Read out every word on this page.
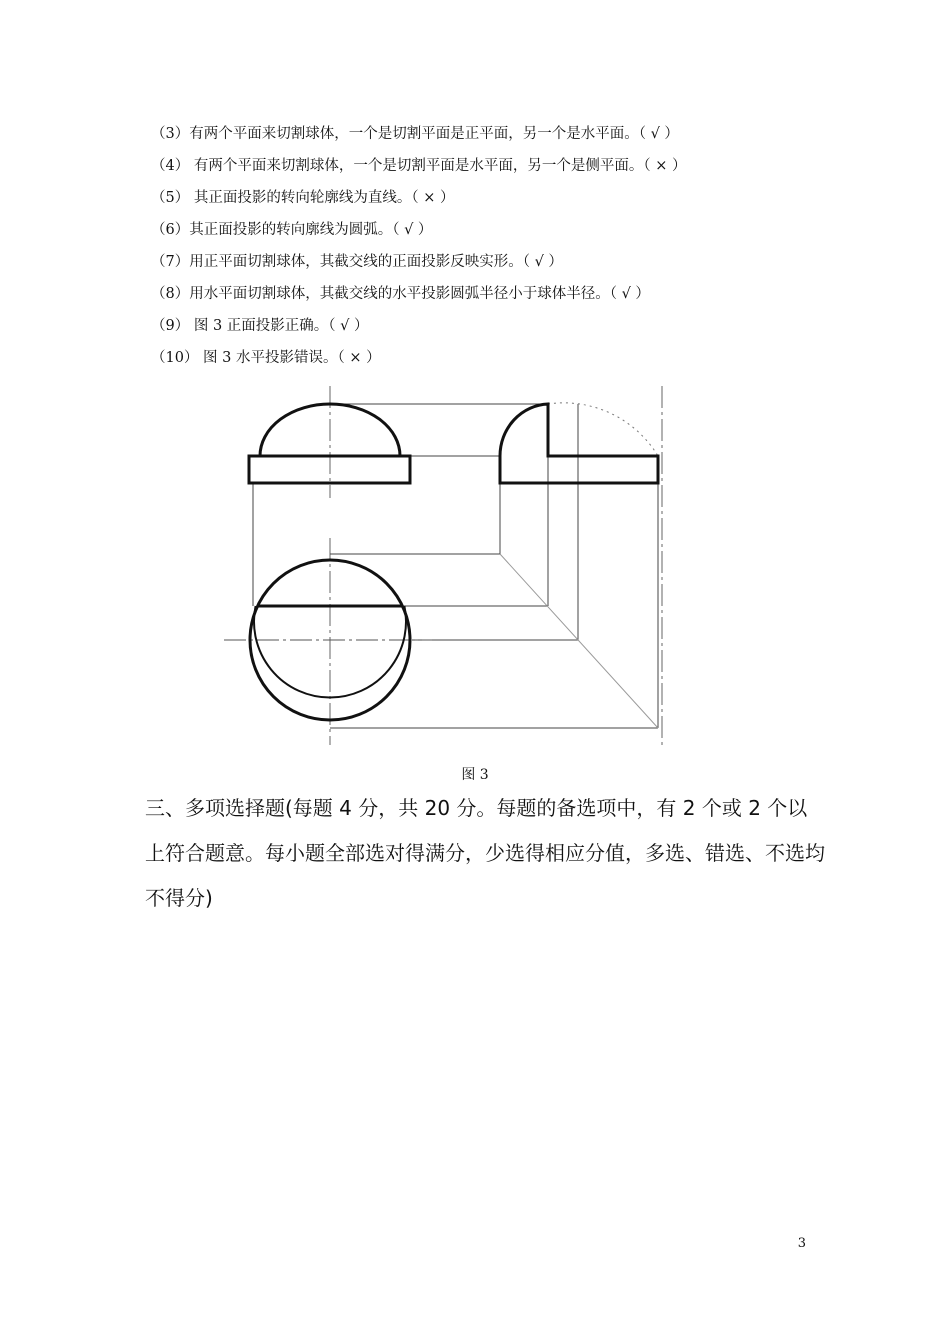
（3）有两个平面来切割球体，一个是切割平面是正平面，另一个是水平面。（ √ ）
（4） 有两个平面来切割球体，一个是切割平面是水平面，另一个是侧平面。（ × ）
（5） 其正面投影的转向轮廓线为直线。（ × ）
（6）其正面投影的转向廓线为圆弧。（ √ ）
（7）用正平面切割球体，其截交线的正面投影反映实形。（ √ ）
（8）用水平面切割球体，其截交线的水平投影圆弧半径小于球体半径。（ √ ）
（9） 图 3 正面投影正确。（ √ ）
（10） 图 3 水平投影错误。（ × ）
图 3
三、多项选择题(每题 4 分，共 20 分。每题的备选项中，有 2 个或 2 个以上符合题意。每小题全部选对得满分，少选得相应分值，多选、错选、不选均不得分)
3
